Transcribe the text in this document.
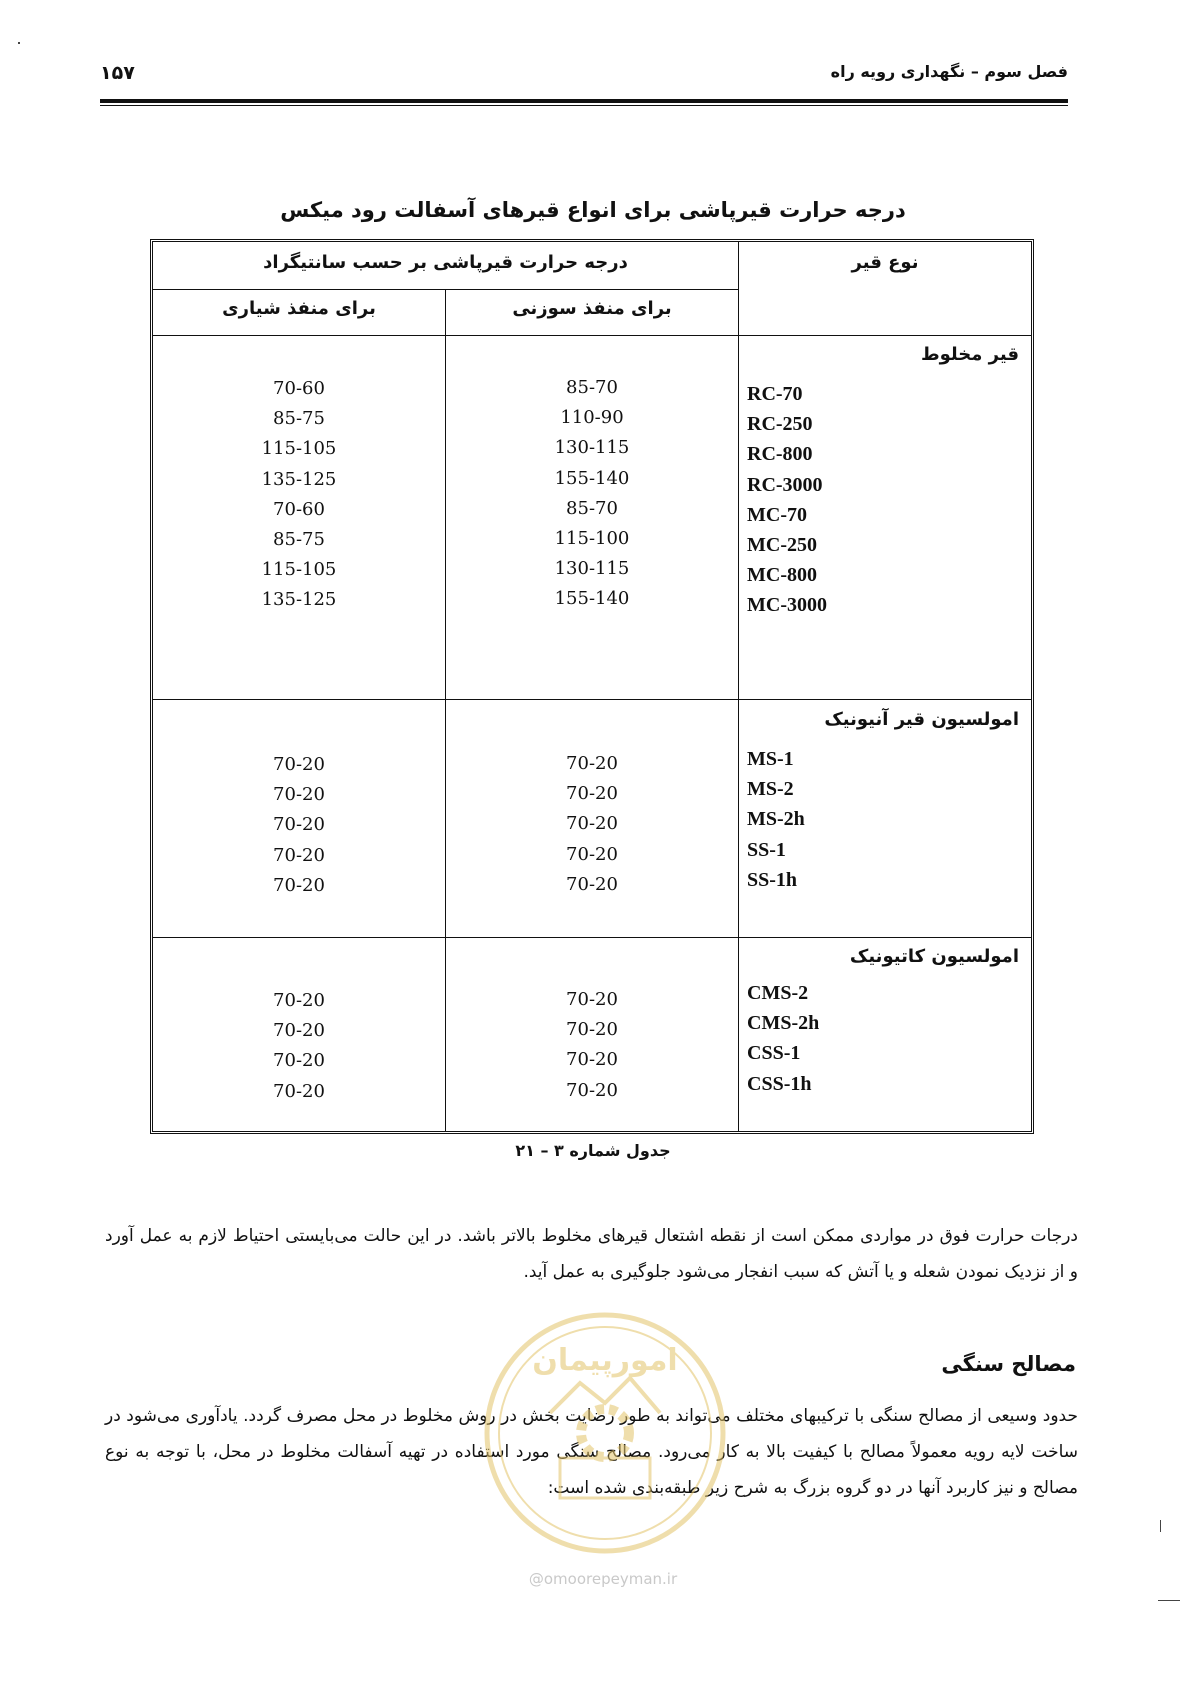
فصل سوم – نگهداری رویه راه
۱۵۷
درجه حرارت قیرپاشی برای انواع قیرهای آسفالت رود میکس
نوع قیر
درجه حرارت قیرپاشی بر حسب سانتیگراد
برای منفذ سوزنی
برای منفذ شیاری
قیر مخلوط
RC-70
RC-250
RC-800
RC-3000
MC-70
MC-250
MC-800
MC-3000
85-70
110-90
130-115
155-140
85-70
115-100
130-115
155-140
70-60
85-75
115-105
135-125
70-60
85-75
115-105
135-125
امولسیون قیر آنیونیک
MS-1
MS-2
MS-2h
SS-1
SS-1h
70-20
70-20
70-20
70-20
70-20
70-20
70-20
70-20
70-20
70-20
امولسیون کاتیونیک
CMS-2
CMS-2h
CSS-1
CSS-1h
70-20
70-20
70-20
70-20
70-20
70-20
70-20
70-20
جدول شماره ۳ – ۲۱
درجات حرارت فوق در مواردی ممکن است از نقطه اشتعال قیرهای مخلوط بالاتر باشد. در این حالت می‌بایستی احتیاط لازم به عمل آورد و از نزدیک نمودن شعله و یا آتش که سبب انفجار می‌شود جلوگیری به عمل آید.
مصالح سنگی
حدود وسیعی از مصالح سنگی با ترکیبهای مختلف می‌تواند به طور رضایت بخش در روش مخلوط در محل مصرف گردد. یادآوری می‌شود در ساخت لایه رویه معمولاً مصالح با کیفیت بالا به کار می‌رود. مصالح سنگی مورد استفاده در تهیه آسفالت مخلوط در محل، با توجه به نوع مصالح و نیز کاربرد آنها در دو گروه بزرگ به شرح زیر طبقه‌بندی شده است:
امورپیمان
@omoorepeyman.ir
